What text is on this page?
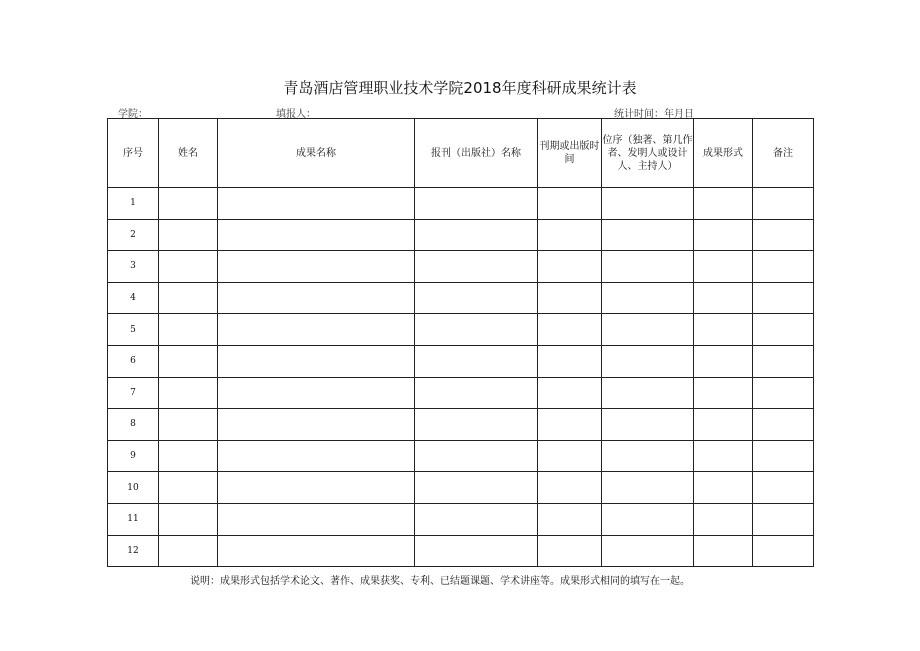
青岛酒店管理职业技术学院2018年度科研成果统计表
学院：	填报人：	统计时间：年月日
序号	姓名	成果名称	报刊（出版社）名称	刊期或出版时间	位序（独著、第几作者、发明人或设计人、主持人）	成果形式	备注
1							
2							
3							
4							
5							
6							
7							
8							
9							
10							
11							
12							
说明：成果形式包括学术论文、著作、成果获奖、专利、已结题课题、学术讲座等。成果形式相同的填写在一起。
